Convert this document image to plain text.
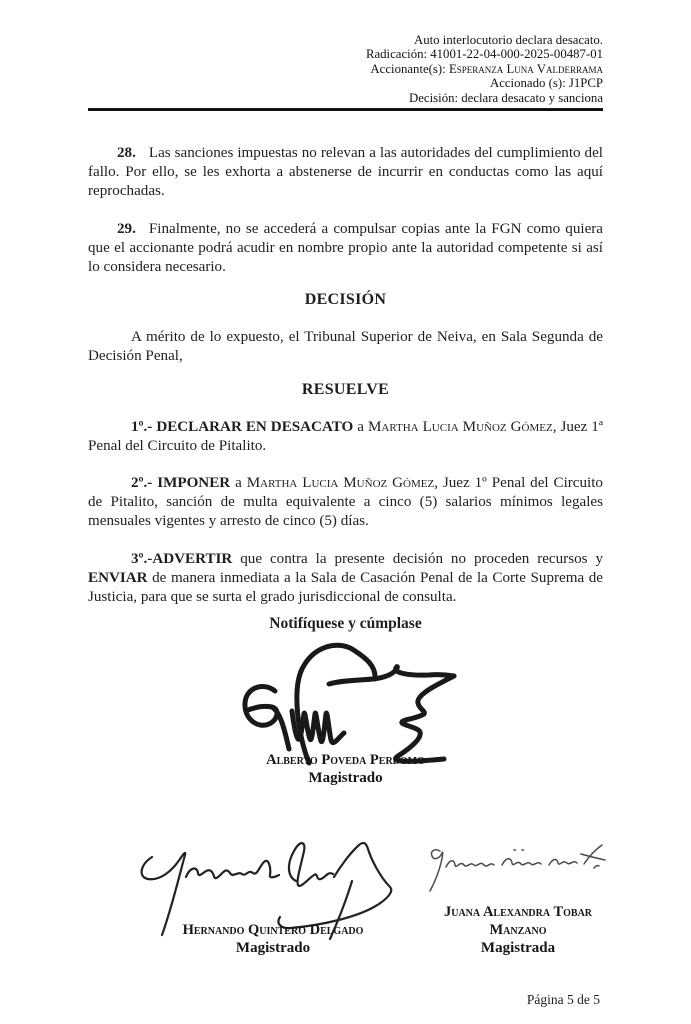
Auto interlocutorio declara desacato.
Radicación: 41001-22-04-000-2025-00487-01
Accionante(s): Esperanza Luna Valderrama
Accionado (s): J1PCP
Decisión: declara desacato y sanciona

28. Las sanciones impuestas no relevan a las autoridades del cumplimiento del fallo. Por ello, se les exhorta a abstenerse de incurrir en conductas como las aquí reprochadas.

29. Finalmente, no se accederá a compulsar copias ante la FGN como quiera que el accionante podrá acudir en nombre propio ante la autoridad competente si así lo considera necesario.

DECISIÓN

A mérito de lo expuesto, el Tribunal Superior de Neiva, en Sala Segunda de Decisión Penal,

RESUELVE

1º.- DECLARAR EN DESACATO a Martha Lucia Muñoz Gómez, Juez 1ª Penal del Circuito de Pitalito.

2º.- IMPONER a Martha Lucia Muñoz Gómez, Juez 1º Penal del Circuito de Pitalito, sanción de multa equivalente a cinco (5) salarios mínimos legales mensuales vigentes y arresto de cinco (5) días.

3º.-ADVERTIR que contra la presente decisión no proceden recursos y ENVIAR de manera inmediata a la Sala de Casación Penal de la Corte Suprema de Justicia, para que se surta el grado jurisdiccional de consulta.

Notifíquese y cúmplase
Alberto Poveda Perdomo
Magistrado
Hernando Quintero Delgado
Magistrado
Juana Alexandra Tobar Manzano
Magistrada
Página 5 de 5
